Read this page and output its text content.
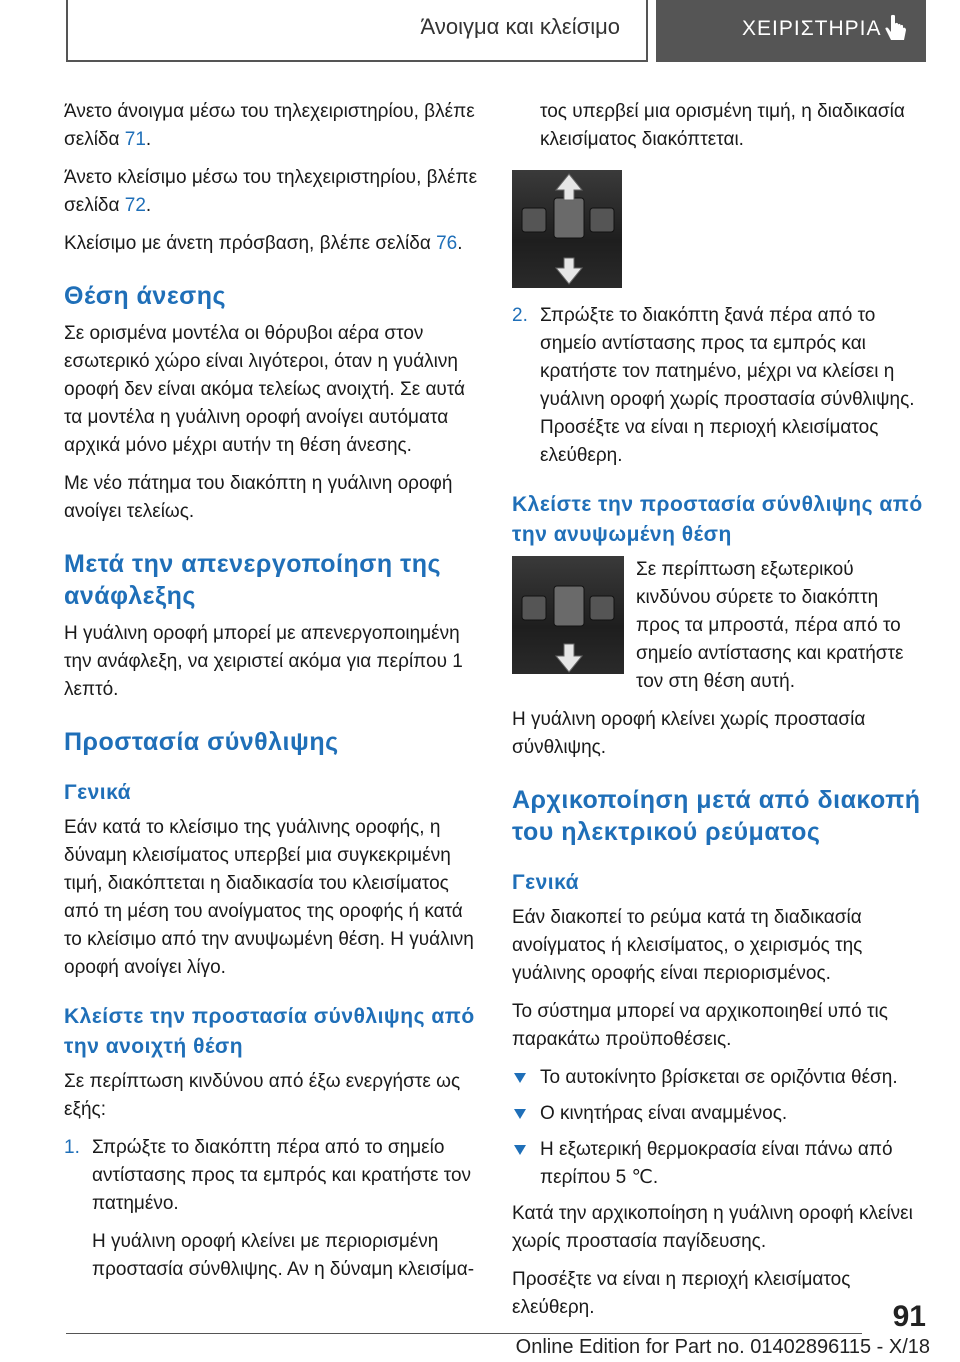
Άνοιγμα και κλείσιμο	ΧΕΙΡΙΣΤΗΡΙΑ

Άνετο άνοιγμα μέσω του τηλεχειριστηρίου, βλέπε σελίδα 71.

Άνετο κλείσιμο μέσω του τηλεχειριστηρίου, βλέπε σελίδα 72.

Κλείσιμο με άνετη πρόσβαση, βλέπε σελίδα 76.

Θέση άνεσης

Σε ορισμένα μοντέλα οι θόρυβοι αέρα στον εσωτερικό χώρο είναι λιγότεροι, όταν η γυάλινη οροφή δεν είναι ακόμα τελείως ανοιχτή. Σε αυτά τα μοντέλα η γυάλινη οροφή ανοίγει αυτόματα αρχικά μόνο μέχρι αυτήν τη θέση άνεσης.

Με νέο πάτημα του διακόπτη η γυάλινη οροφή ανοίγει τελείως.

Μετά την απενεργοποίηση της ανάφλεξης

Η γυάλινη οροφή μπορεί με απενεργοποιημένη την ανάφλεξη, να χειριστεί ακόμα για περίπου 1 λεπτό.

Προστασία σύνθλιψης
Γενικά

Εάν κατά το κλείσιμο της γυάλινης οροφής, η δύναμη κλεισίματος υπερβεί μια συγκεκριμένη τιμή, διακόπτεται η διαδικασία του κλεισίματος από τη μέση του ανοίγματος της οροφής ή κατά το κλείσιμο από την ανυψωμένη θέση. Η γυάλινη οροφή ανοίγει λίγο.

Κλείστε την προστασία σύνθλιψης από την ανοιχτή θέση

Σε περίπτωση κινδύνου από έξω ενεργήστε ως εξής:

1. Σπρώξτε το διακόπτη πέρα από το σημείο αντίστασης προς τα εμπρός και κρατήστε τον πατημένο.

Η γυάλινη οροφή κλείνει με περιορισμένη προστασία σύνθλιψης. Αν η δύναμη κλεισίμα-

τος υπερβεί μια ορισμένη τιμή, η διαδικασία κλεισίματος διακόπτεται.

2. Σπρώξτε το διακόπτη ξανά πέρα από το σημείο αντίστασης προς τα εμπρός και κρατήστε τον πατημένο, μέχρι να κλείσει η γυάλινη οροφή χωρίς προστασία σύνθλιψης. Προσέξτε να είναι η περιοχή κλεισίματος ελεύθερη.

Κλείστε την προστασία σύνθλιψης από την ανυψωμένη θέση

Σε περίπτωση εξωτερικού κινδύνου σύρετε το διακόπτη προς τα μπροστά, πέρα από το σημείο αντίστασης και κρατήστε τον στη θέση αυτή.

Η γυάλινη οροφή κλείνει χωρίς προστασία σύνθλιψης.

Αρχικοποίηση μετά από διακοπή του ηλεκτρικού ρεύματος
Γενικά

Εάν διακοπεί το ρεύμα κατά τη διαδικασία ανοίγματος ή κλεισίματος, ο χειρισμός της γυάλινης οροφής είναι περιορισμένος.

Το σύστημα μπορεί να αρχικοποιηθεί υπό τις παρακάτω προϋποθέσεις.

Το αυτοκίνητο βρίσκεται σε οριζόντια θέση.
Ο κινητήρας είναι αναμμένος.
Η εξωτερική θερμοκρασία είναι πάνω από περίπου 5 ℃.

Κατά την αρχικοποίηση η γυάλινη οροφή κλείνει χωρίς προστασία παγίδευσης.

Προσέξτε να είναι η περιοχή κλεισίματος ελεύθερη.	91
Online Edition for Part no. 01402896115 - X/18
